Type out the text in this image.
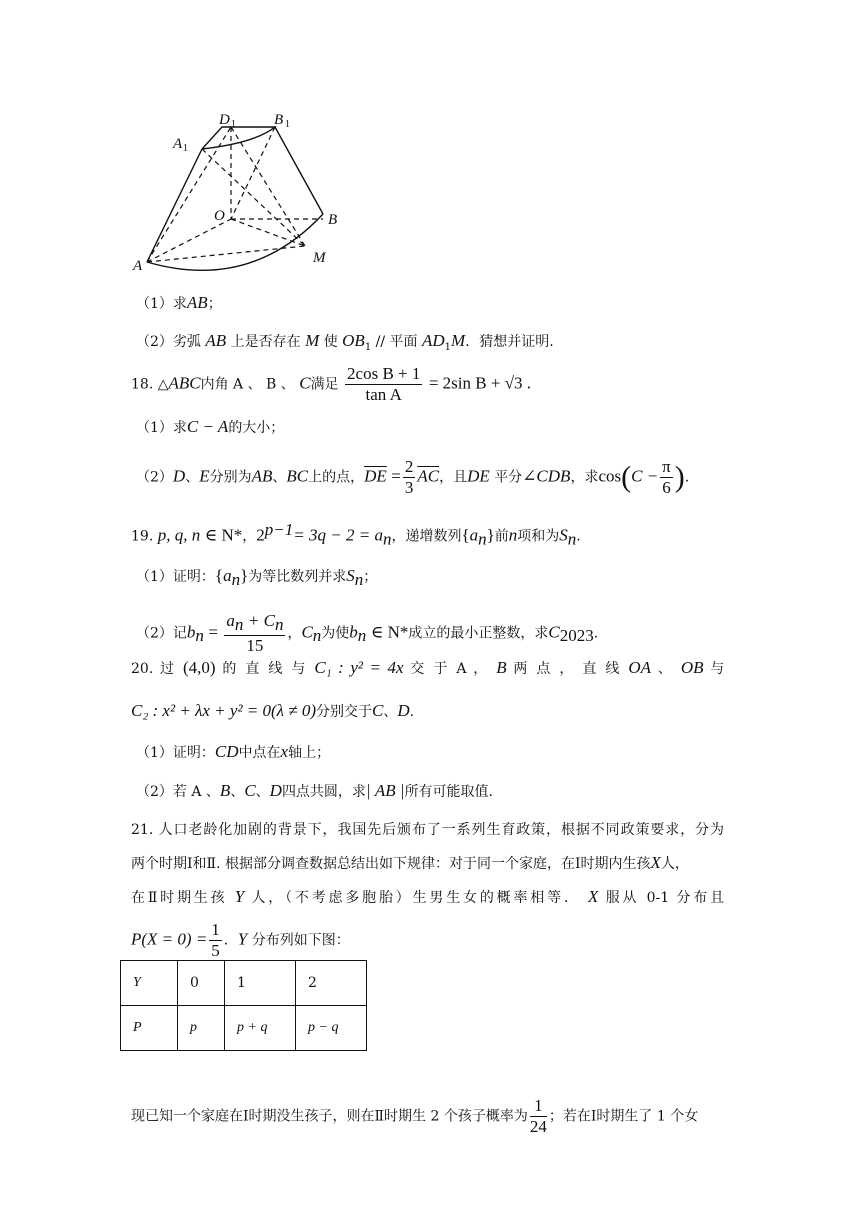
D 1	B 1
A 1
O	B
A	M
（1）求AB；
（2）劣弧 AB 上是否存在 M 使 $OB_1$ // 平面 $AD_1M$．猜想并证明.
18. △ABC内角 A 、 B 、 C满足 $\frac{\text{2cos B + 1}}{\text{tan A}} = 2\sin$ B + √3 .
（1）求C − A的大小；
（2）D、E分别为AB、BC上的点，$\overline{DE} = \frac{2}{3} \overline{AC}$，且DE 平分∠CDB，求$\cos(C - \frac{\pi}{6}$ ).
19. p, q, n ∈ N*，$2^{p-1}= 3q - 2 = a_n$，递增数列$\{a_n\}$前n项和为$S_n$.
（1）证明：$\{a_n\}$为等比数列并求$S_n$；
（2）记$b_n = \frac{a_n + C_n}{15}$ ，$C_n$为使$b_n$ ∈ N*成立的最小正整数，求$C_{2023}$.
20. 过 (4,0) 的 直 线 与 C₁ : y² = 4x 交 于 A ， B 两 点 ， 直 线 OA 、 OB 与
C₂ : x² + λx + y² = 0(λ ≠ 0)分别交于C、D.
（1）证明：CD中点在x轴上；
（2）若 A 、B、C、D四点共圆，求| AB |所有可能取值.
21. 人口老龄化加剧的背景下，我国先后颁布了一系列生育政策，根据不同政策要求，分为
两个时期Ⅰ和Ⅱ. 根据部分调查数据总结出如下规律：对于同一个家庭，在Ⅰ时期内生孩X人，
在Ⅱ时期生孩 Y 人，（不考虑多胞胎）生男生女的概率相等． X 服从 0-1 分布且
$P(X = 0) = \frac{1}{5}$ ．Y 分布列如下图：
Y	0	1	2
P	p	p + q	p − q
现已知一个家庭在Ⅰ时期没生孩子，则在Ⅱ时期生 2 个孩子概率为 $\frac{1}{24}$ ；若在Ⅰ时期生了 1 个女
